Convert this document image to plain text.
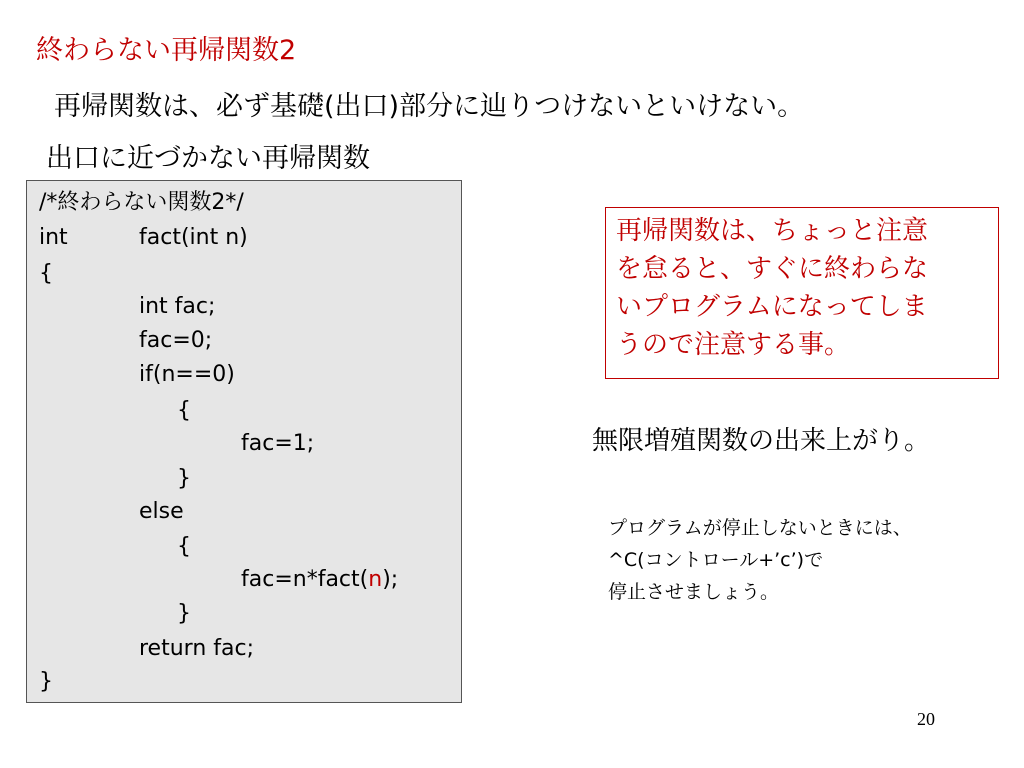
終わらない再帰関数2
再帰関数は、必ず基礎(出口)部分に辿りつけないといけない。
出口に近づかない再帰関数
/*終わらない関数2*/
int	fact(int n)
{
int fac;
fac=0;
if(n==0)
{
fac=1;
}
else
{
fac=n*fact(n);
}
return fac;
}
再帰関数は、ちょっと注意
を怠ると、すぐに終わらな
いプログラムになってしま
うので注意する事。
無限増殖関数の出来上がり。
プログラムが停止しないときには、
^C(コントロール+’c’)で
停止させましょう。
20
